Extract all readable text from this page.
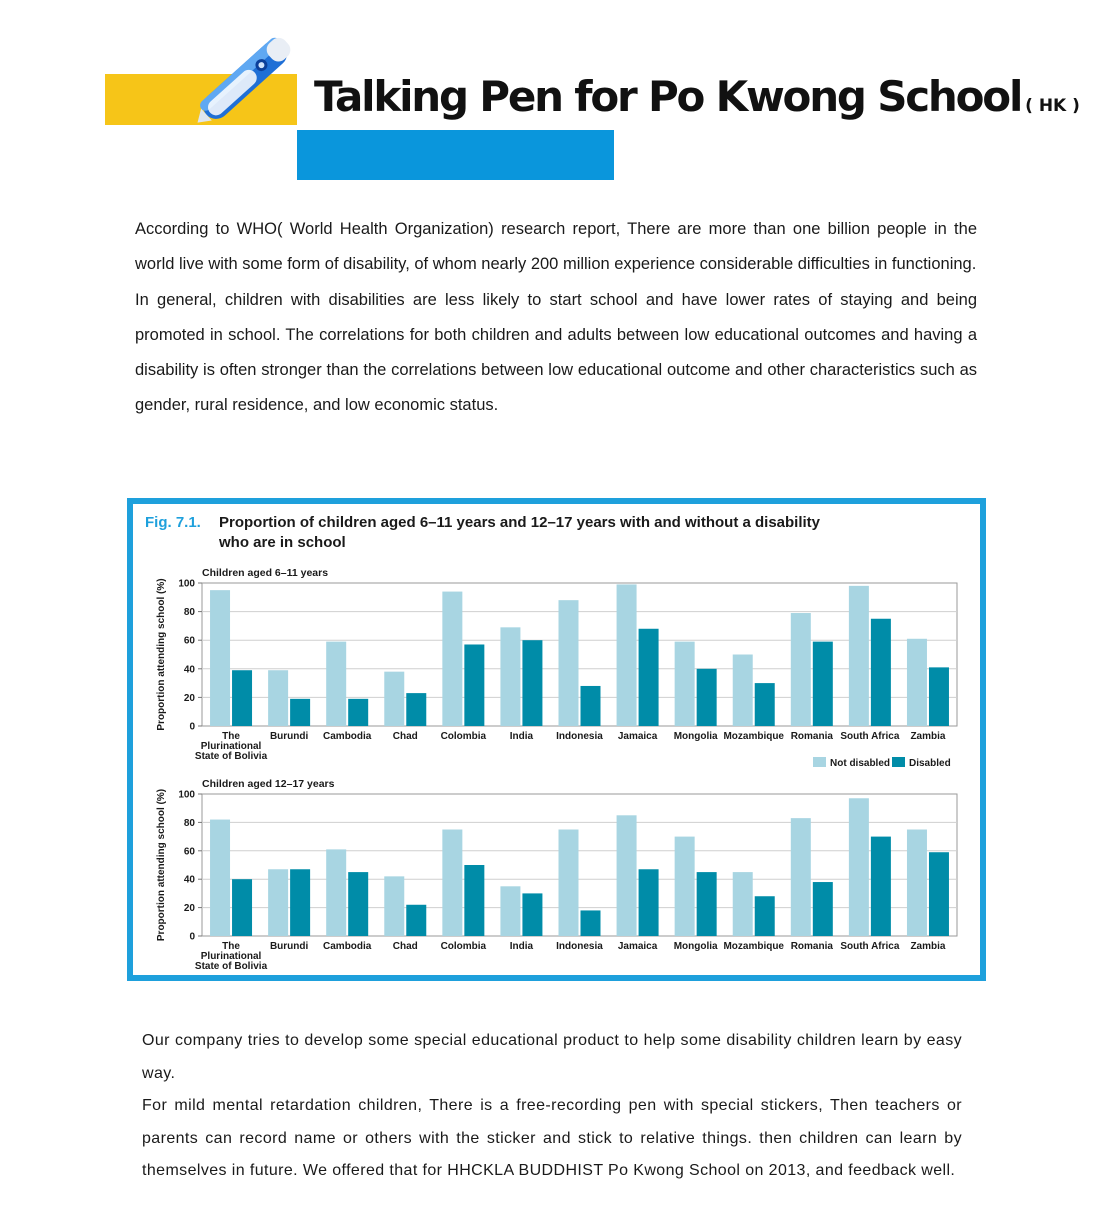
Talking Pen for Po Kwong School ( HK )

According to WHO( World Health Organization) research report, There are more than one billion people in the world live with some form of disability, of whom nearly 200 million experience considerable difficulties in functioning.

In general, children with disabilities are less likely to start school and have lower rates of staying and being promoted in school. The correlations for both children and adults between low educational outcomes and having a disability is often stronger than the correlations between low educational outcome and other characteristics such as gender, rural residence, and low economic status.

Fig. 7.1. Proportion of children aged 6–11 years and 12–17 years with and without a disability
who are in school
0
20
40
60
80
100
Children aged 6–11 years
Proportion attending school (%)
The
Plurinational
State of Bolivia
Burundi Cambodia Chad Colombia India Indonesia Jamaica Mongolia Mozambique Romania South Africa Zambia
Not disabled Disabled
0
20
40
60
80
100
Children aged 12–17 years
Proportion attending school (%)
The
Plurinational
State of Bolivia
Burundi Cambodia Chad Colombia India Indonesia Jamaica Mongolia Mozambique Romania South Africa Zambia

Our company tries to develop some special educational product to help some disability children learn by easy way.

For mild mental retardation children, There is a free-recording pen with special stickers, Then teachers or parents can record name or others with the sticker and stick to relative things. then children can learn by themselves in future. We offered that for HHCKLA BUDDHIST Po Kwong School on 2013, and feedback well.
